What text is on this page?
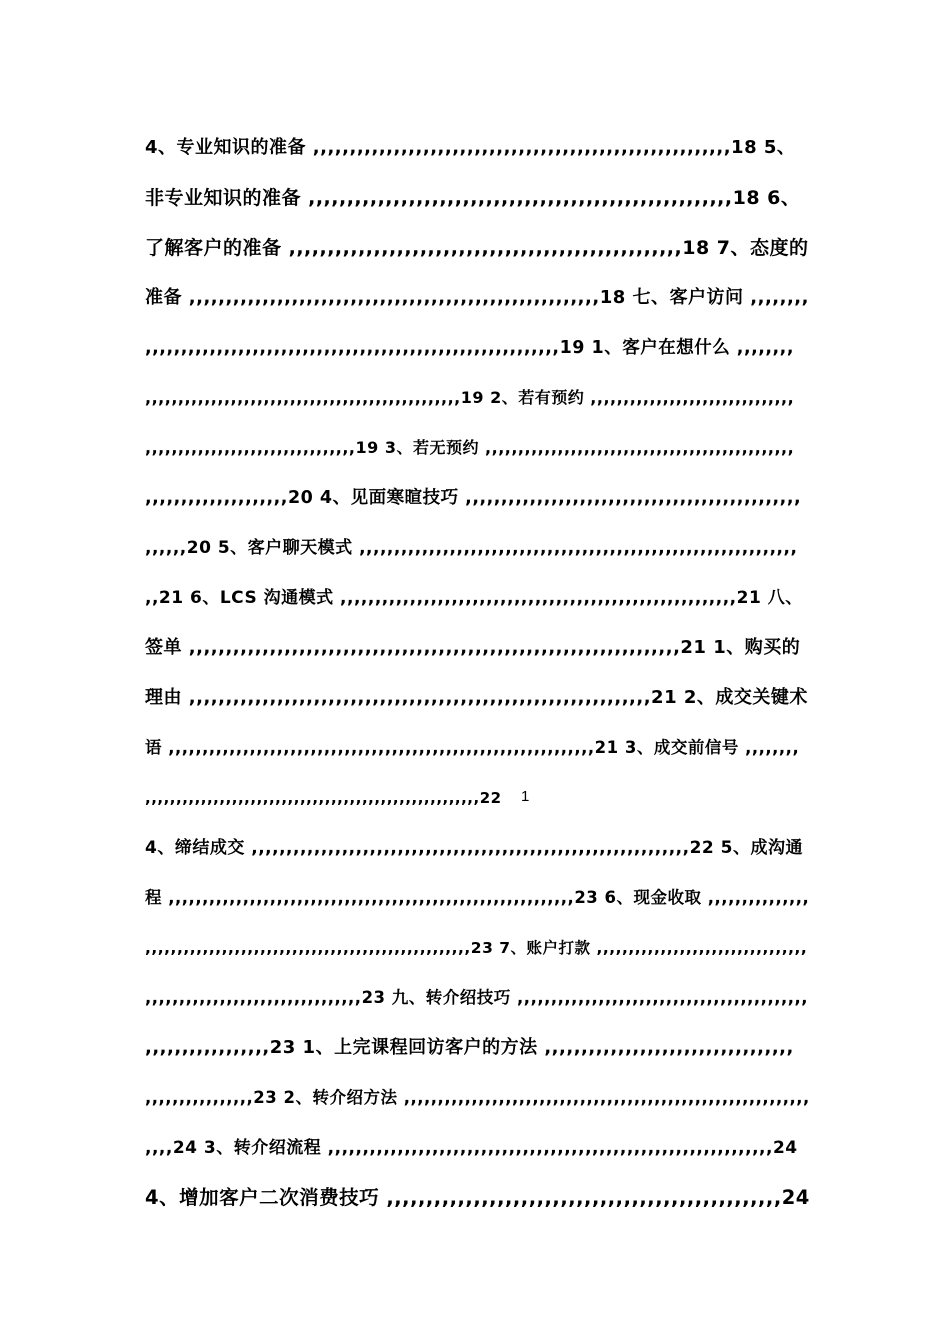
4、专业知识的准备 ,,,,,,,,,,,,,,,,,,,,,,,,,,,,,,,,,,,,,,,,,,,,,,,,,,,,,,,,,18 5、
非专业知识的准备 ,,,,,,,,,,,,,,,,,,,,,,,,,,,,,,,,,,,,,,,,,,,,,,,,,,,,,,,18 6、
了解客户的准备 ,,,,,,,,,,,,,,,,,,,,,,,,,,,,,,,,,,,,,,,,,,,,,,,,,,,18 7、态度的
准备 ,,,,,,,,,,,,,,,,,,,,,,,,,,,,,,,,,,,,,,,,,,,,,,,,,,,,,,,,18 七、客户访问 ,,,,,,,,
,,,,,,,,,,,,,,,,,,,,,,,,,,,,,,,,,,,,,,,,,,,,,,,,,,,,,,,,,,19 1、客户在想什么 ,,,,,,,,
,,,,,,,,,,,,,,,,,,,,,,,,,,,,,,,,,,,,,,,,,,,,,,,,19 2、若有预约 ,,,,,,,,,,,,,,,,,,,,,,,,,,,,,,,
,,,,,,,,,,,,,,,,,,,,,,,,,,,,,,,,19 3、若无预约 ,,,,,,,,,,,,,,,,,,,,,,,,,,,,,,,,,,,,,,,,,,,,,,,
,,,,,,,,,,,,,,,,,,,,20 4、见面寒暄技巧 ,,,,,,,,,,,,,,,,,,,,,,,,,,,,,,,,,,,,,,,,,,,,,,,
,,,,,,20 5、客户聊天模式 ,,,,,,,,,,,,,,,,,,,,,,,,,,,,,,,,,,,,,,,,,,,,,,,,,,,,,,,,,,,,,,,
,,21 6、LCS 沟通模式 ,,,,,,,,,,,,,,,,,,,,,,,,,,,,,,,,,,,,,,,,,,,,,,,,,,,,,,,,,21 八、
签单 ,,,,,,,,,,,,,,,,,,,,,,,,,,,,,,,,,,,,,,,,,,,,,,,,,,,,,,,,,,,,,,,,,,,21 1、购买的
理由 ,,,,,,,,,,,,,,,,,,,,,,,,,,,,,,,,,,,,,,,,,,,,,,,,,,,,,,,,,,,,,,,21 2、成交关键术
语 ,,,,,,,,,,,,,,,,,,,,,,,,,,,,,,,,,,,,,,,,,,,,,,,,,,,,,,,,,,,,,,,21 3、成交前信号 ,,,,,,,,
,,,,,,,,,,,,,,,,,,,,,,,,,,,,,,,,,,,,,,,,,,,,,,,,,,,,,,22 1
4、缔结成交 ,,,,,,,,,,,,,,,,,,,,,,,,,,,,,,,,,,,,,,,,,,,,,,,,,,,,,,,,,,,,,,,22 5、成沟通
程 ,,,,,,,,,,,,,,,,,,,,,,,,,,,,,,,,,,,,,,,,,,,,,,,,,,,,,,,,,,,,23 6、现金收取 ,,,,,,,,,,,,,,,
,,,,,,,,,,,,,,,,,,,,,,,,,,,,,,,,,,,,,,,,,,,,,,,,,,,23 7、账户打款 ,,,,,,,,,,,,,,,,,,,,,,,,,,,,,,,,,
,,,,,,,,,,,,,,,,,,,,,,,,,,,,,,,,23 九、转介绍技巧 ,,,,,,,,,,,,,,,,,,,,,,,,,,,,,,,,,,,,,,,,,,,
,,,,,,,,,,,,,,,,,23 1、上完课程回访客户的方法 ,,,,,,,,,,,,,,,,,,,,,,,,,,,,,,,,,,
,,,,,,,,,,,,,,,,23 2、转介绍方法 ,,,,,,,,,,,,,,,,,,,,,,,,,,,,,,,,,,,,,,,,,,,,,,,,,,,,,,,,,,,,
,,,,24 3、转介绍流程 ,,,,,,,,,,,,,,,,,,,,,,,,,,,,,,,,,,,,,,,,,,,,,,,,,,,,,,,,,,,,,,,,24
4、增加客户二次消费技巧 ,,,,,,,,,,,,,,,,,,,,,,,,,,,,,,,,,,,,,,,,,,,,,,,,,,24
